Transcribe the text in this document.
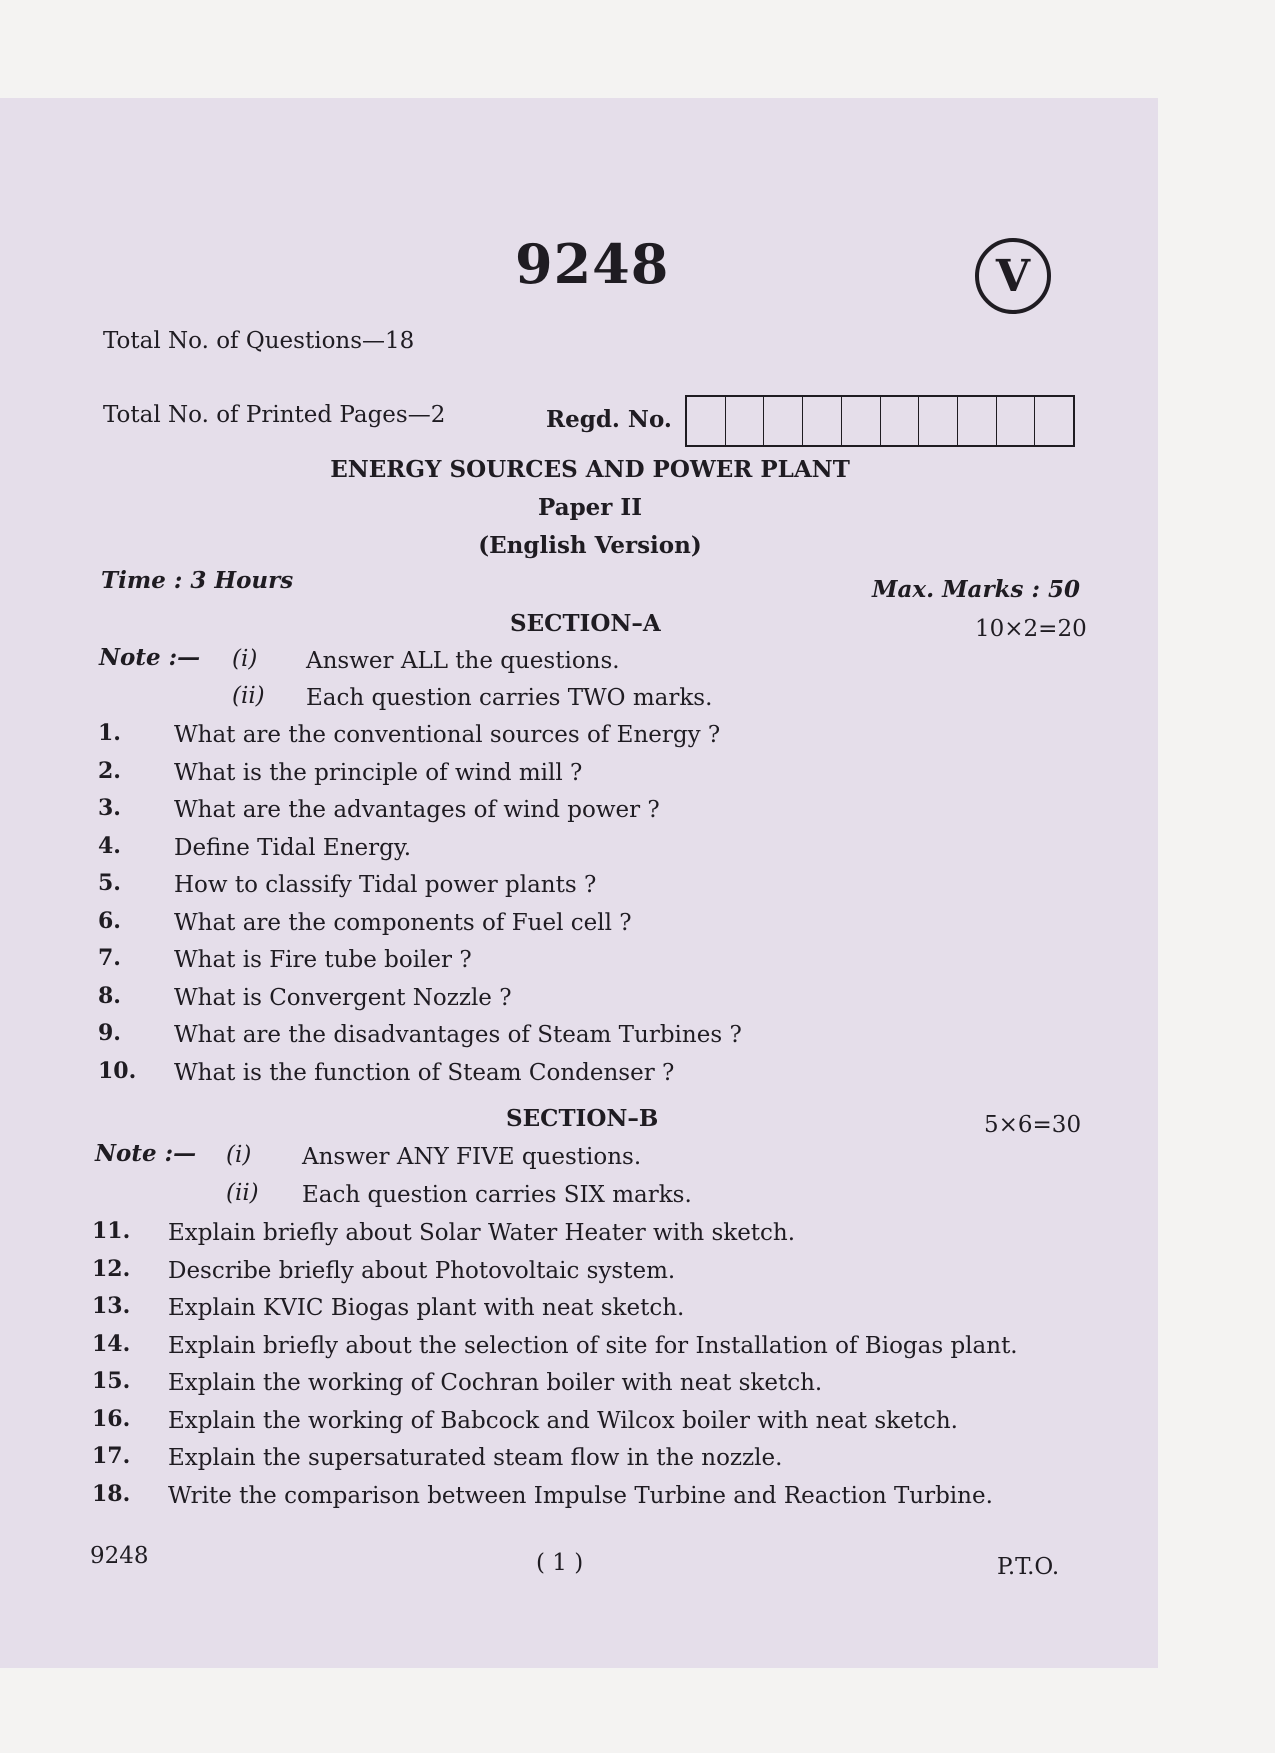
9248	V
Total No. of Questions—18
Total No. of Printed Pages—2	Regd. No.
ENERGY SOURCES AND POWER PLANT
Paper II
(English Version)
Time : 3 Hours	Max. Marks : 50
SECTION–A	10×2=20
Note :— (i) Answer ALL the questions.
(ii) Each question carries TWO marks.
1. What are the conventional sources of Energy ?
2. What is the principle of wind mill ?
3. What are the advantages of wind power ?
4. Define Tidal Energy.
5. How to classify Tidal power plants ?
6. What are the components of Fuel cell ?
7. What is Fire tube boiler ?
8. What is Convergent Nozzle ?
9. What are the disadvantages of Steam Turbines ?
10. What is the function of Steam Condenser ?
SECTION–B	5×6=30
Note :— (i) Answer ANY FIVE questions.
(ii) Each question carries SIX marks.
11. Explain briefly about Solar Water Heater with sketch.
12. Describe briefly about Photovoltaic system.
13. Explain KVIC Biogas plant with neat sketch.
14. Explain briefly about the selection of site for Installation of Biogas plant.
15. Explain the working of Cochran boiler with neat sketch.
16. Explain the working of Babcock and Wilcox boiler with neat sketch.
17. Explain the supersaturated steam flow in the nozzle.
18. Write the comparison between Impulse Turbine and Reaction Turbine.
9248	( 1 )	P.T.O.
